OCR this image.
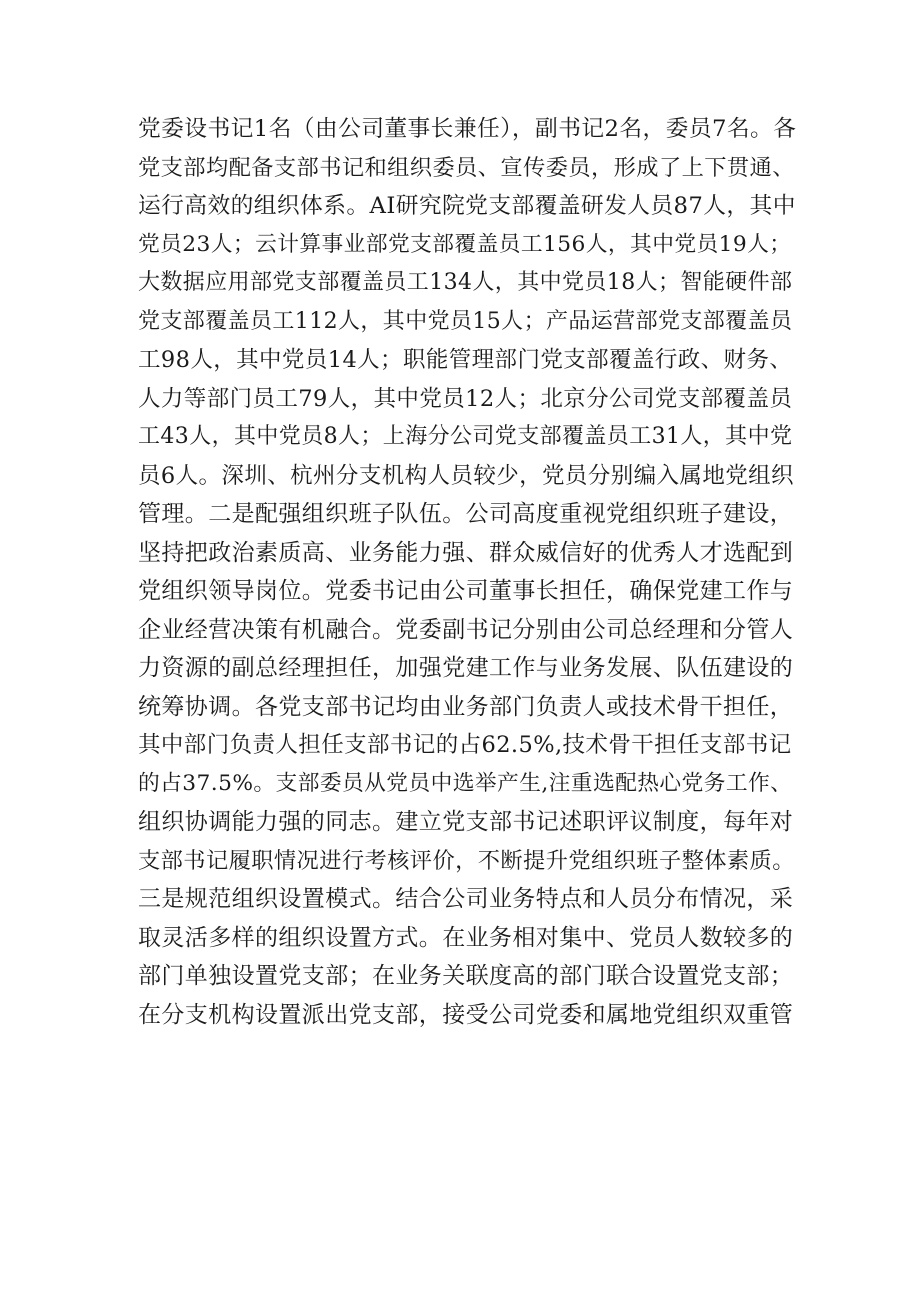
党委设书记1名（由公司董事长兼任），副书记2名，委员7名。各
党支部均配备支部书记和组织委员、宣传委员，形成了上下贯通、
运行高效的组织体系。AI研究院党支部覆盖研发人员87人，其中
党员23人；云计算事业部党支部覆盖员工156人，其中党员19人；
大数据应用部党支部覆盖员工134人，其中党员18人；智能硬件部
党支部覆盖员工112人，其中党员15人；产品运营部党支部覆盖员
工98人，其中党员14人；职能管理部门党支部覆盖行政、财务、
人力等部门员工79人，其中党员12人；北京分公司党支部覆盖员
工43人，其中党员8人；上海分公司党支部覆盖员工31人，其中党
员6人。深圳、杭州分支机构人员较少，党员分别编入属地党组织
管理。二是配强组织班子队伍。公司高度重视党组织班子建设，
坚持把政治素质高、业务能力强、群众威信好的优秀人才选配到
党组织领导岗位。党委书记由公司董事长担任，确保党建工作与
企业经营决策有机融合。党委副书记分别由公司总经理和分管人
力资源的副总经理担任，加强党建工作与业务发展、队伍建设的
统筹协调。各党支部书记均由业务部门负责人或技术骨干担任，
其中部门负责人担任支部书记的占62.5%,技术骨干担任支部书记
的占37.5%。支部委员从党员中选举产生,注重选配热心党务工作、
组织协调能力强的同志。建立党支部书记述职评议制度，每年对
支部书记履职情况进行考核评价，不断提升党组织班子整体素质。
三是规范组织设置模式。结合公司业务特点和人员分布情况，采
取灵活多样的组织设置方式。在业务相对集中、党员人数较多的
部门单独设置党支部；在业务关联度高的部门联合设置党支部；
在分支机构设置派出党支部，接受公司党委和属地党组织双重管
